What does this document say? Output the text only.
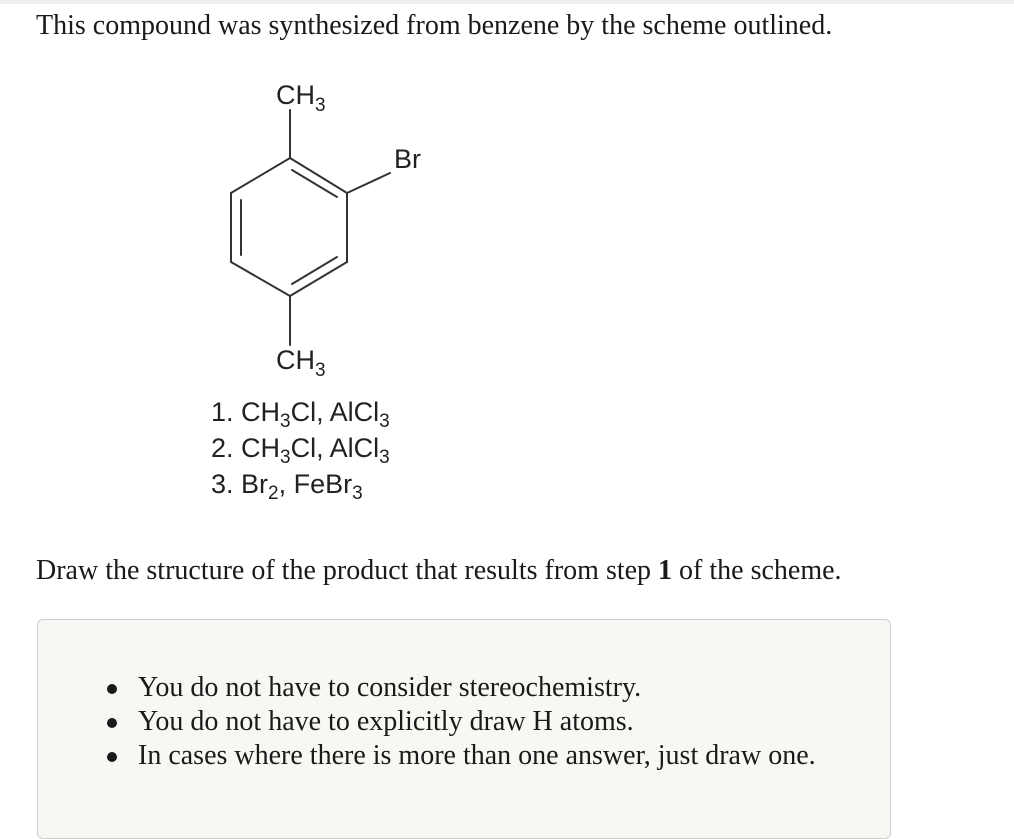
This compound was synthesized from benzene by the scheme outlined.
$CH_3$
Br
$CH_3$
1. $CH_3Cl$, AlCl$_3$
2. $CH_3Cl$, AlCl$_3$
3. $Br_2$, FeBr$_3$
Draw the structure of the product that results from step 1 of the scheme.
You do not have to consider stereochemistry.
You do not have to explicitly draw H atoms.
In cases where there is more than one answer, just draw one.
